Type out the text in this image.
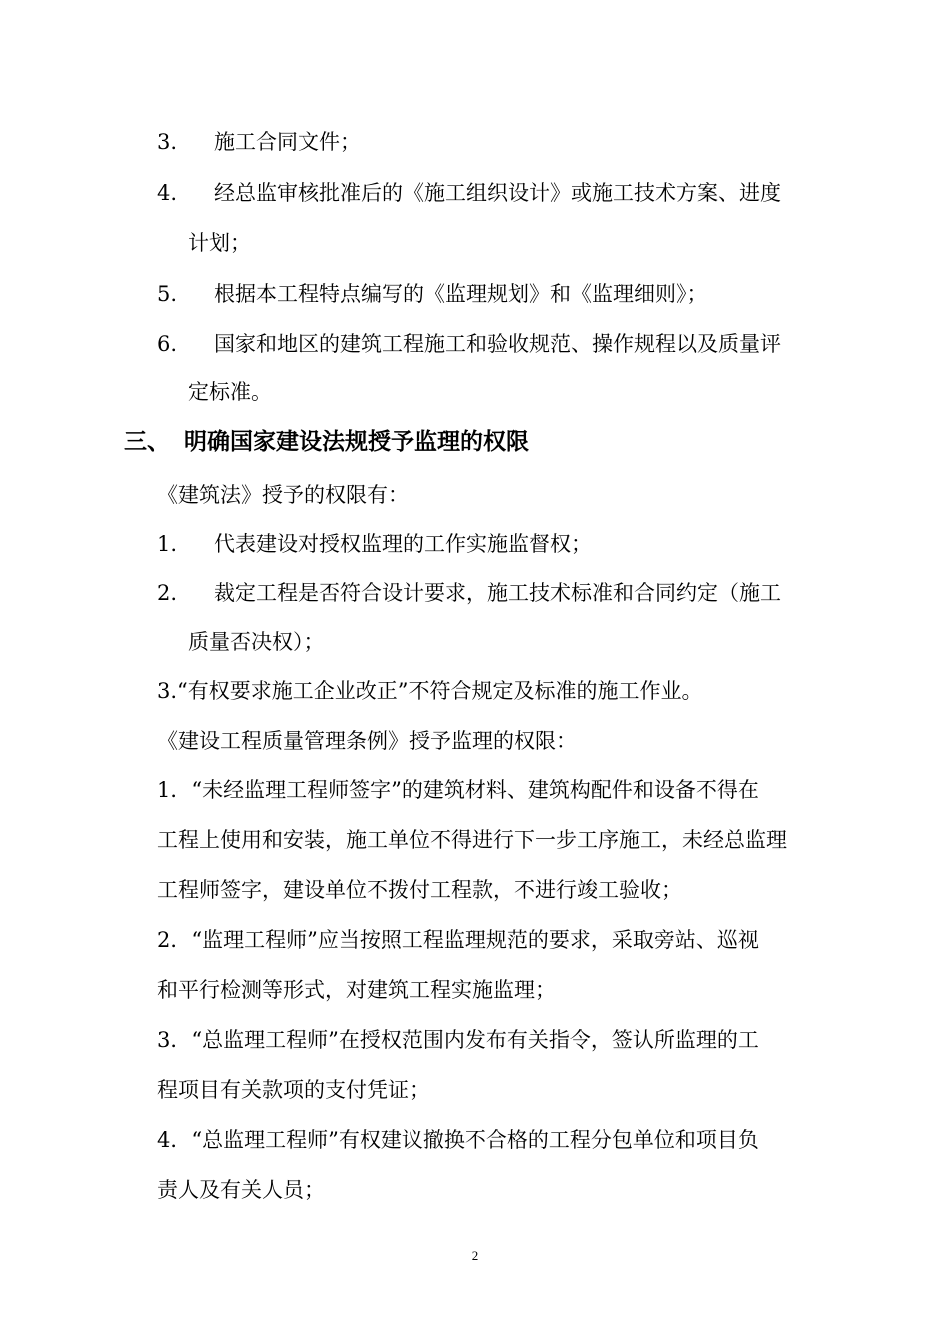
3. 施工合同文件；
4. 经总监审核批准后的《施工组织设计》或施工技术方案、进度
计划；
5. 根据本工程特点编写的《监理规划》和《监理细则》；
6. 国家和地区的建筑工程施工和验收规范、操作规程以及质量评
定标准。
三、 明确国家建设法规授予监理的权限
《建筑法》授予的权限有：
1. 代表建设对授权监理的工作实施监督权；
2. 裁定工程是否符合设计要求，施工技术标准和合同约定（施工
质量否决权）；
3.“有权要求施工企业改正”不符合规定及标准的施工作业。
《建设工程质量管理条例》授予监理的权限：
1．“未经监理工程师签字”的建筑材料、建筑构配件和设备不得在
工程上使用和安装，施工单位不得进行下一步工序施工，未经总监理
工程师签字，建设单位不拨付工程款，不进行竣工验收；
2．“监理工程师”应当按照工程监理规范的要求，采取旁站、巡视
和平行检测等形式，对建筑工程实施监理；
3．“总监理工程师”在授权范围内发布有关指令，签认所监理的工
程项目有关款项的支付凭证；
4．“总监理工程师”有权建议撤换不合格的工程分包单位和项目负
责人及有关人员；
2
